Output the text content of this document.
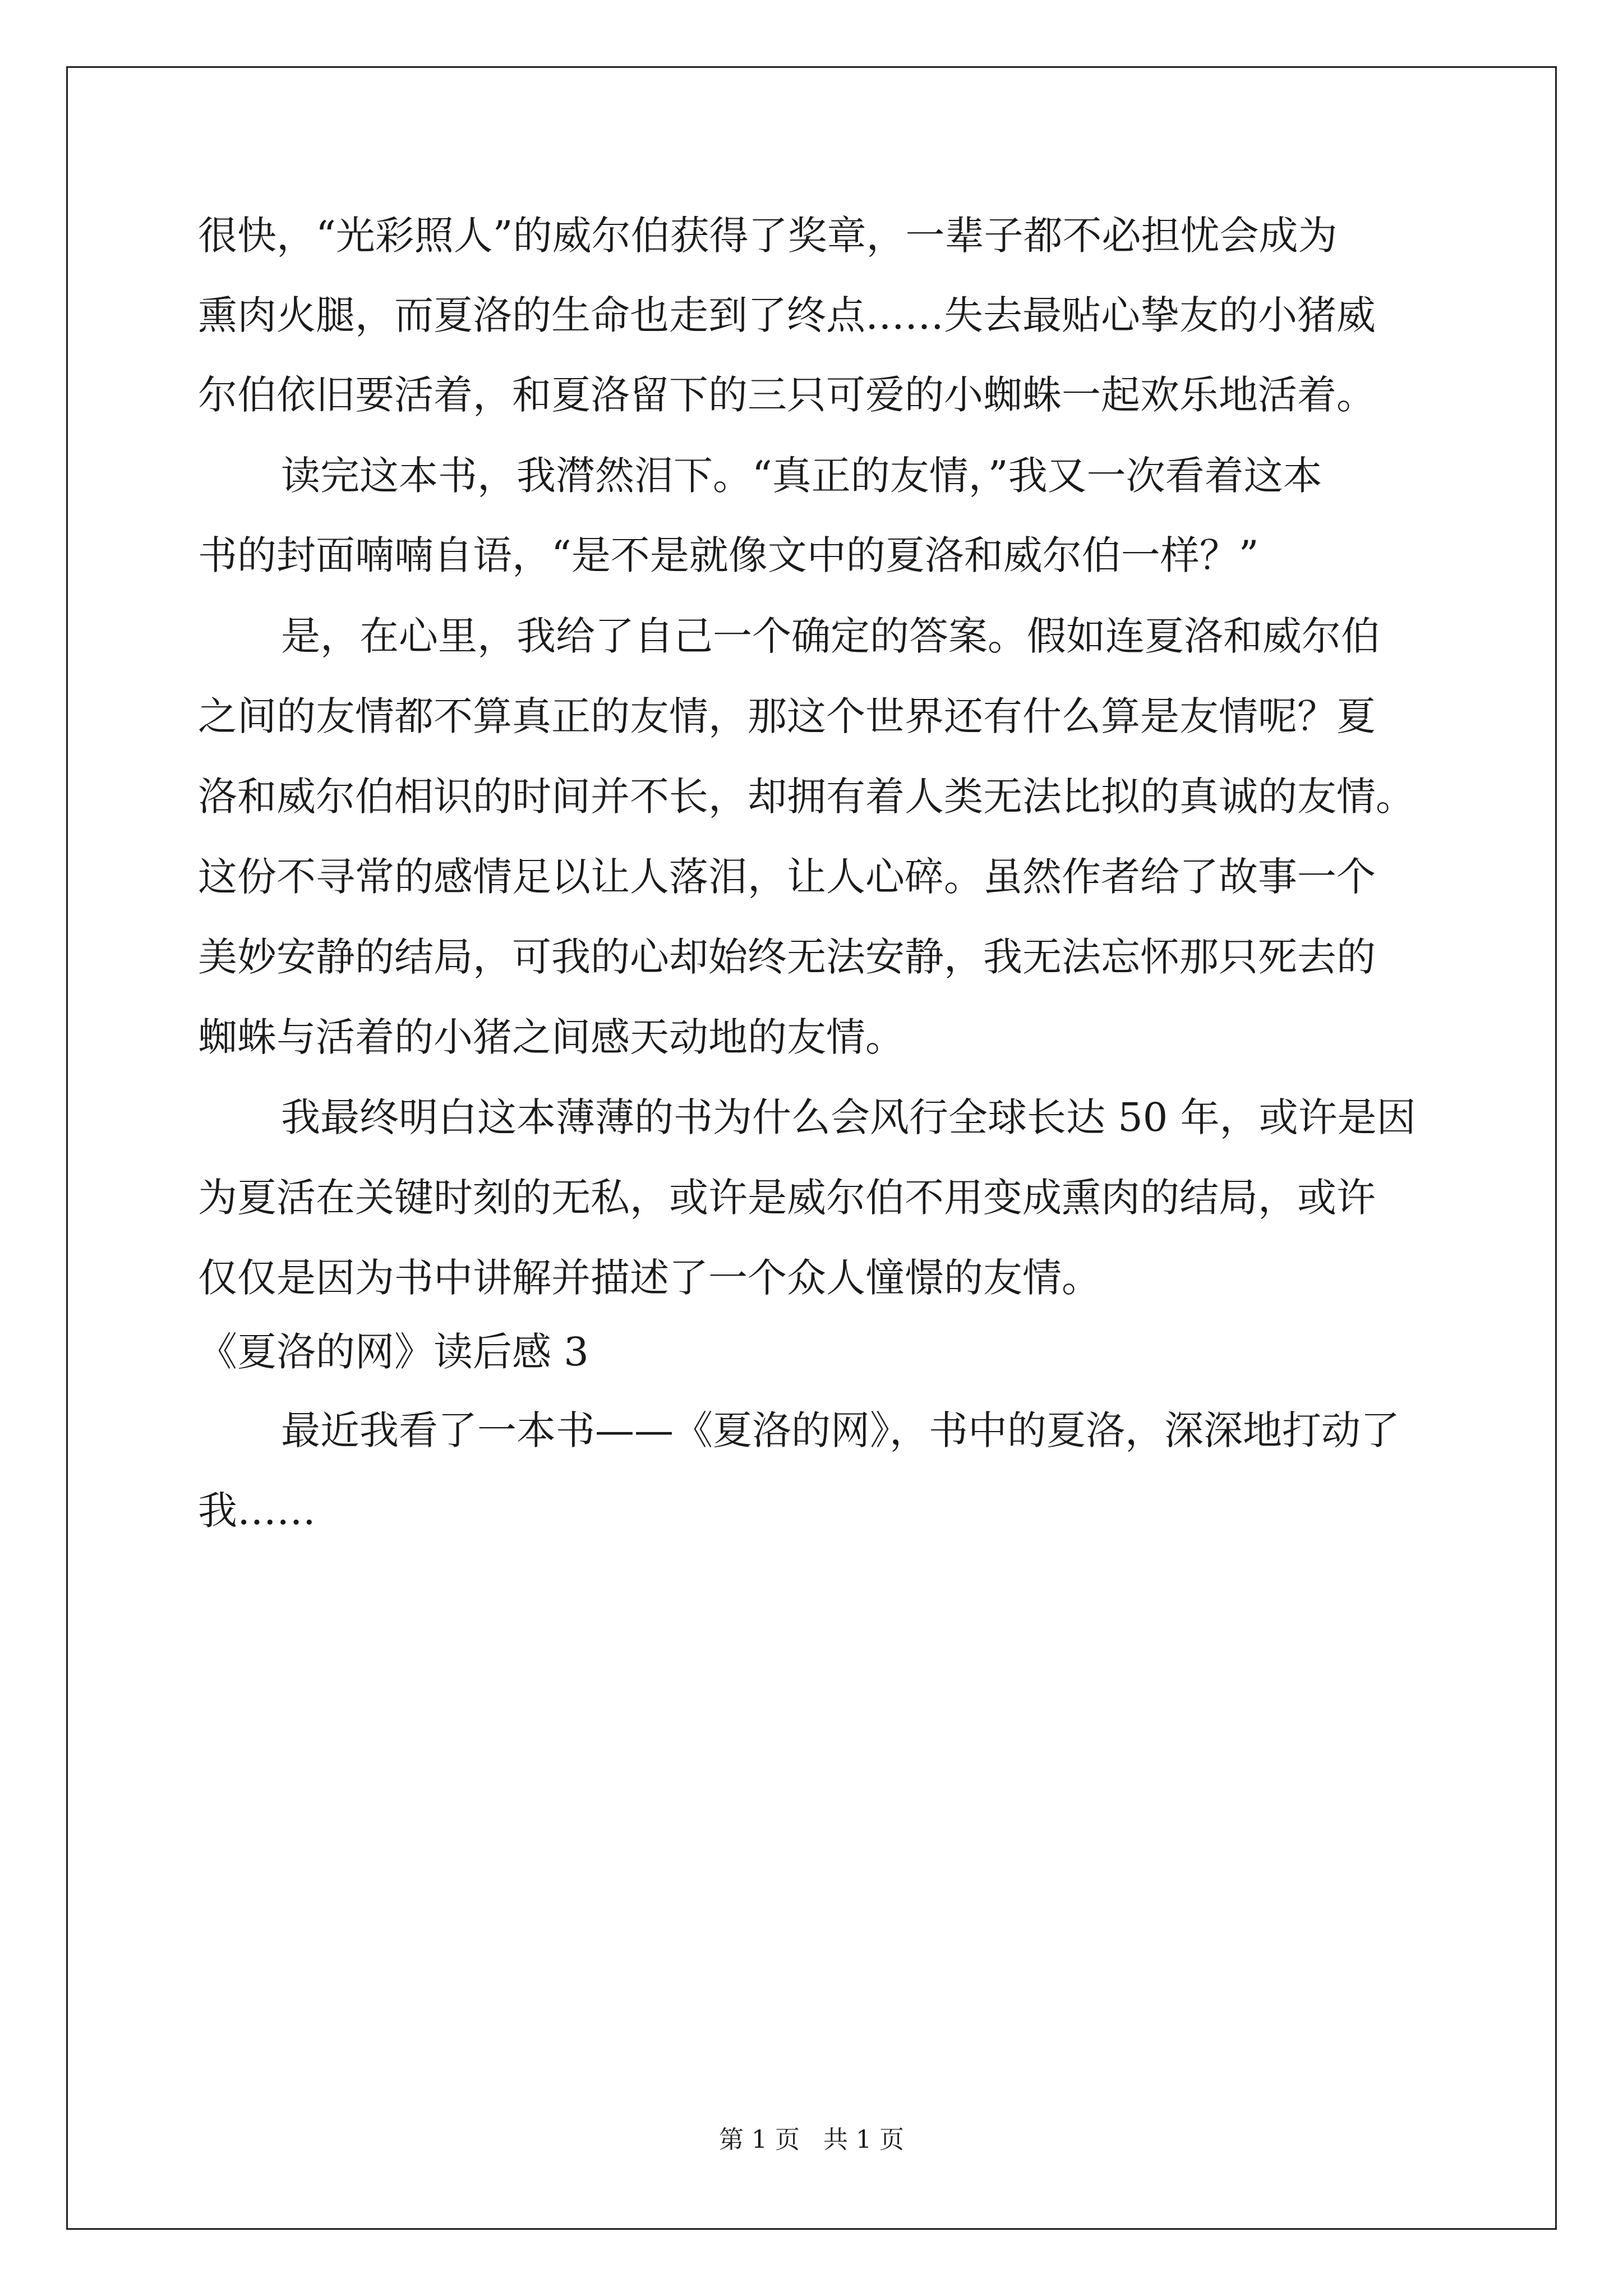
很快，“光彩照人”的威尔伯获得了奖章，一辈子都不必担忧会成为
熏肉火腿，而夏洛的生命也走到了终点……失去最贴心挚友的小猪威
尔伯依旧要活着，和夏洛留下的三只可爱的小蜘蛛一起欢乐地活着。
读完这本书，我潸然泪下。“真正的友情，”我又一次看着这本
书的封面喃喃自语，“是不是就像文中的夏洛和威尔伯一样？”
是，在心里，我给了自己一个确定的答案。假如连夏洛和威尔伯
之间的友情都不算真正的友情，那这个世界还有什么算是友情呢？夏
洛和威尔伯相识的时间并不长，却拥有着人类无法比拟的真诚的友情。
这份不寻常的感情足以让人落泪，让人心碎。虽然作者给了故事一个
美妙安静的结局，可我的心却始终无法安静，我无法忘怀那只死去的
蜘蛛与活着的小猪之间感天动地的友情。
我最终明白这本薄薄的书为什么会风行全球长达 50 年，或许是因
为夏活在关键时刻的无私，或许是威尔伯不用变成熏肉的结局，或许
仅仅是因为书中讲解并描述了一个众人憧憬的友情。
《夏洛的网》读后感 3
最近我看了一本书——《夏洛的网》，书中的夏洛，深深地打动了
我……
第 1 页   共 1 页
